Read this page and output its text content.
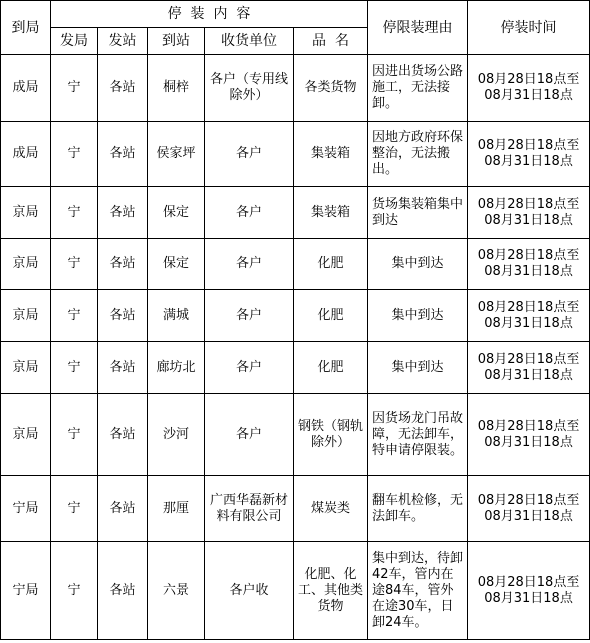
到局	停  装  内  容					停限装理由	停装时间
	发局	发站	到站	收货单位	品  名		
成局	宁	各站	桐梓	各户（专用线除外）	各类货物	因进出货场公路施工，无法接卸。	08月28日18点至08月31日18点
成局	宁	各站	侯家坪	各户	集装箱	因地方政府环保整治，无法搬出。	08月28日18点至08月31日18点
京局	宁	各站	保定	各户	集装箱	货场集装箱集中到达	08月28日18点至08月31日18点
京局	宁	各站	保定	各户	化肥	集中到达	08月28日18点至08月31日18点
京局	宁	各站	满城	各户	化肥	集中到达	08月28日18点至08月31日18点
京局	宁	各站	廊坊北	各户	化肥	集中到达	08月28日18点至08月31日18点
京局	宁	各站	沙河	各户	钢铁（钢轨除外）	因货场龙门吊故障，无法卸车，特申请停限装。	08月28日18点至08月31日18点
宁局	宁	各站	那厘	广西华磊新材料有限公司	煤炭类	翻车机检修，无法卸车。	08月28日18点至08月31日18点
宁局	宁	各站	六景	各户收	化肥、化工、其他类货物	集中到达，待卸42车，管内在途84车，管外在途30车，日卸24车。	08月28日18点至08月31日18点
